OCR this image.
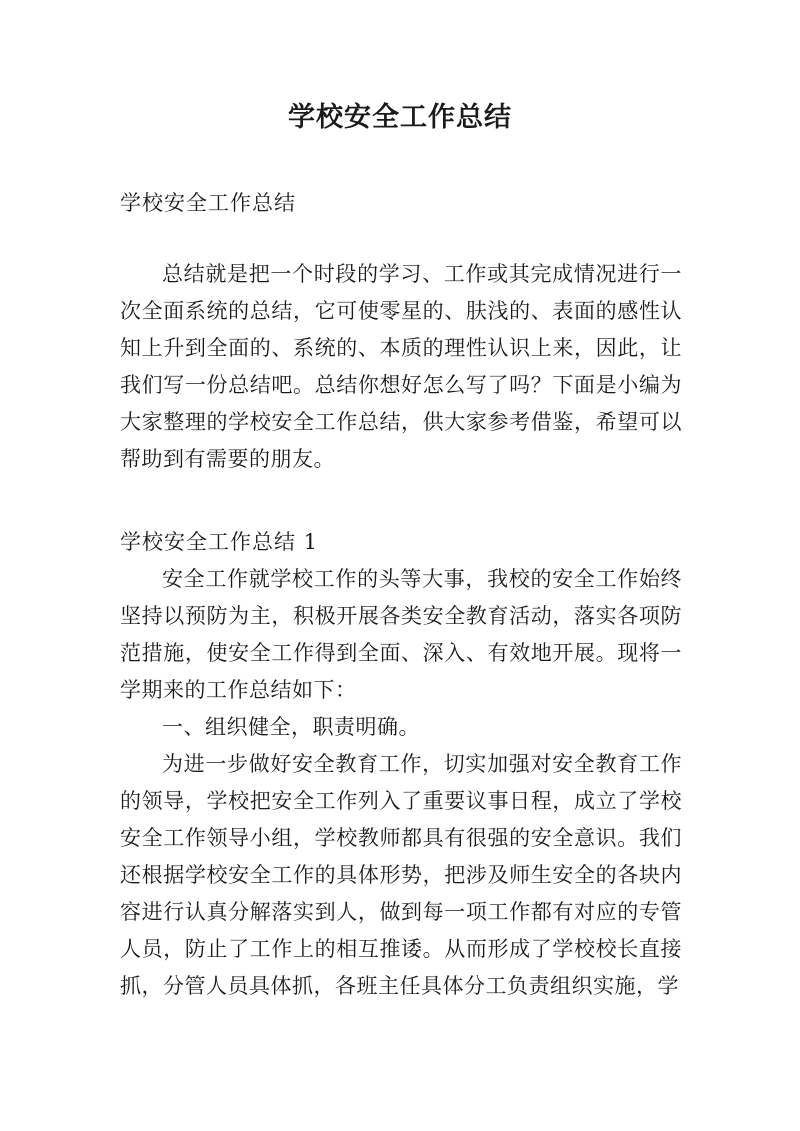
学校安全工作总结

学校安全工作总结

总结就是把一个时段的学习、工作或其完成情况进行一次全面系统的总结，它可使零星的、肤浅的、表面的感性认知上升到全面的、系统的、本质的理性认识上来，因此，让我们写一份总结吧。总结你想好怎么写了吗？下面是小编为大家整理的学校安全工作总结，供大家参考借鉴，希望可以帮助到有需要的朋友。

学校安全工作总结 1

安全工作就学校工作的头等大事，我校的安全工作始终坚持以预防为主，积极开展各类安全教育活动，落实各项防范措施，使安全工作得到全面、深入、有效地开展。现将一学期来的工作总结如下：

一、组织健全，职责明确。

为进一步做好安全教育工作，切实加强对安全教育工作的领导，学校把安全工作列入了重要议事日程，成立了学校安全工作领导小组，学校教师都具有很强的安全意识。我们还根据学校安全工作的具体形势，把涉及师生安全的各块内容进行认真分解落实到人，做到每一项工作都有对应的专管人员，防止了工作上的相互推诿。从而形成了学校校长直接抓，分管人员具体抓，各班主任具体分工负责组织实施，学
